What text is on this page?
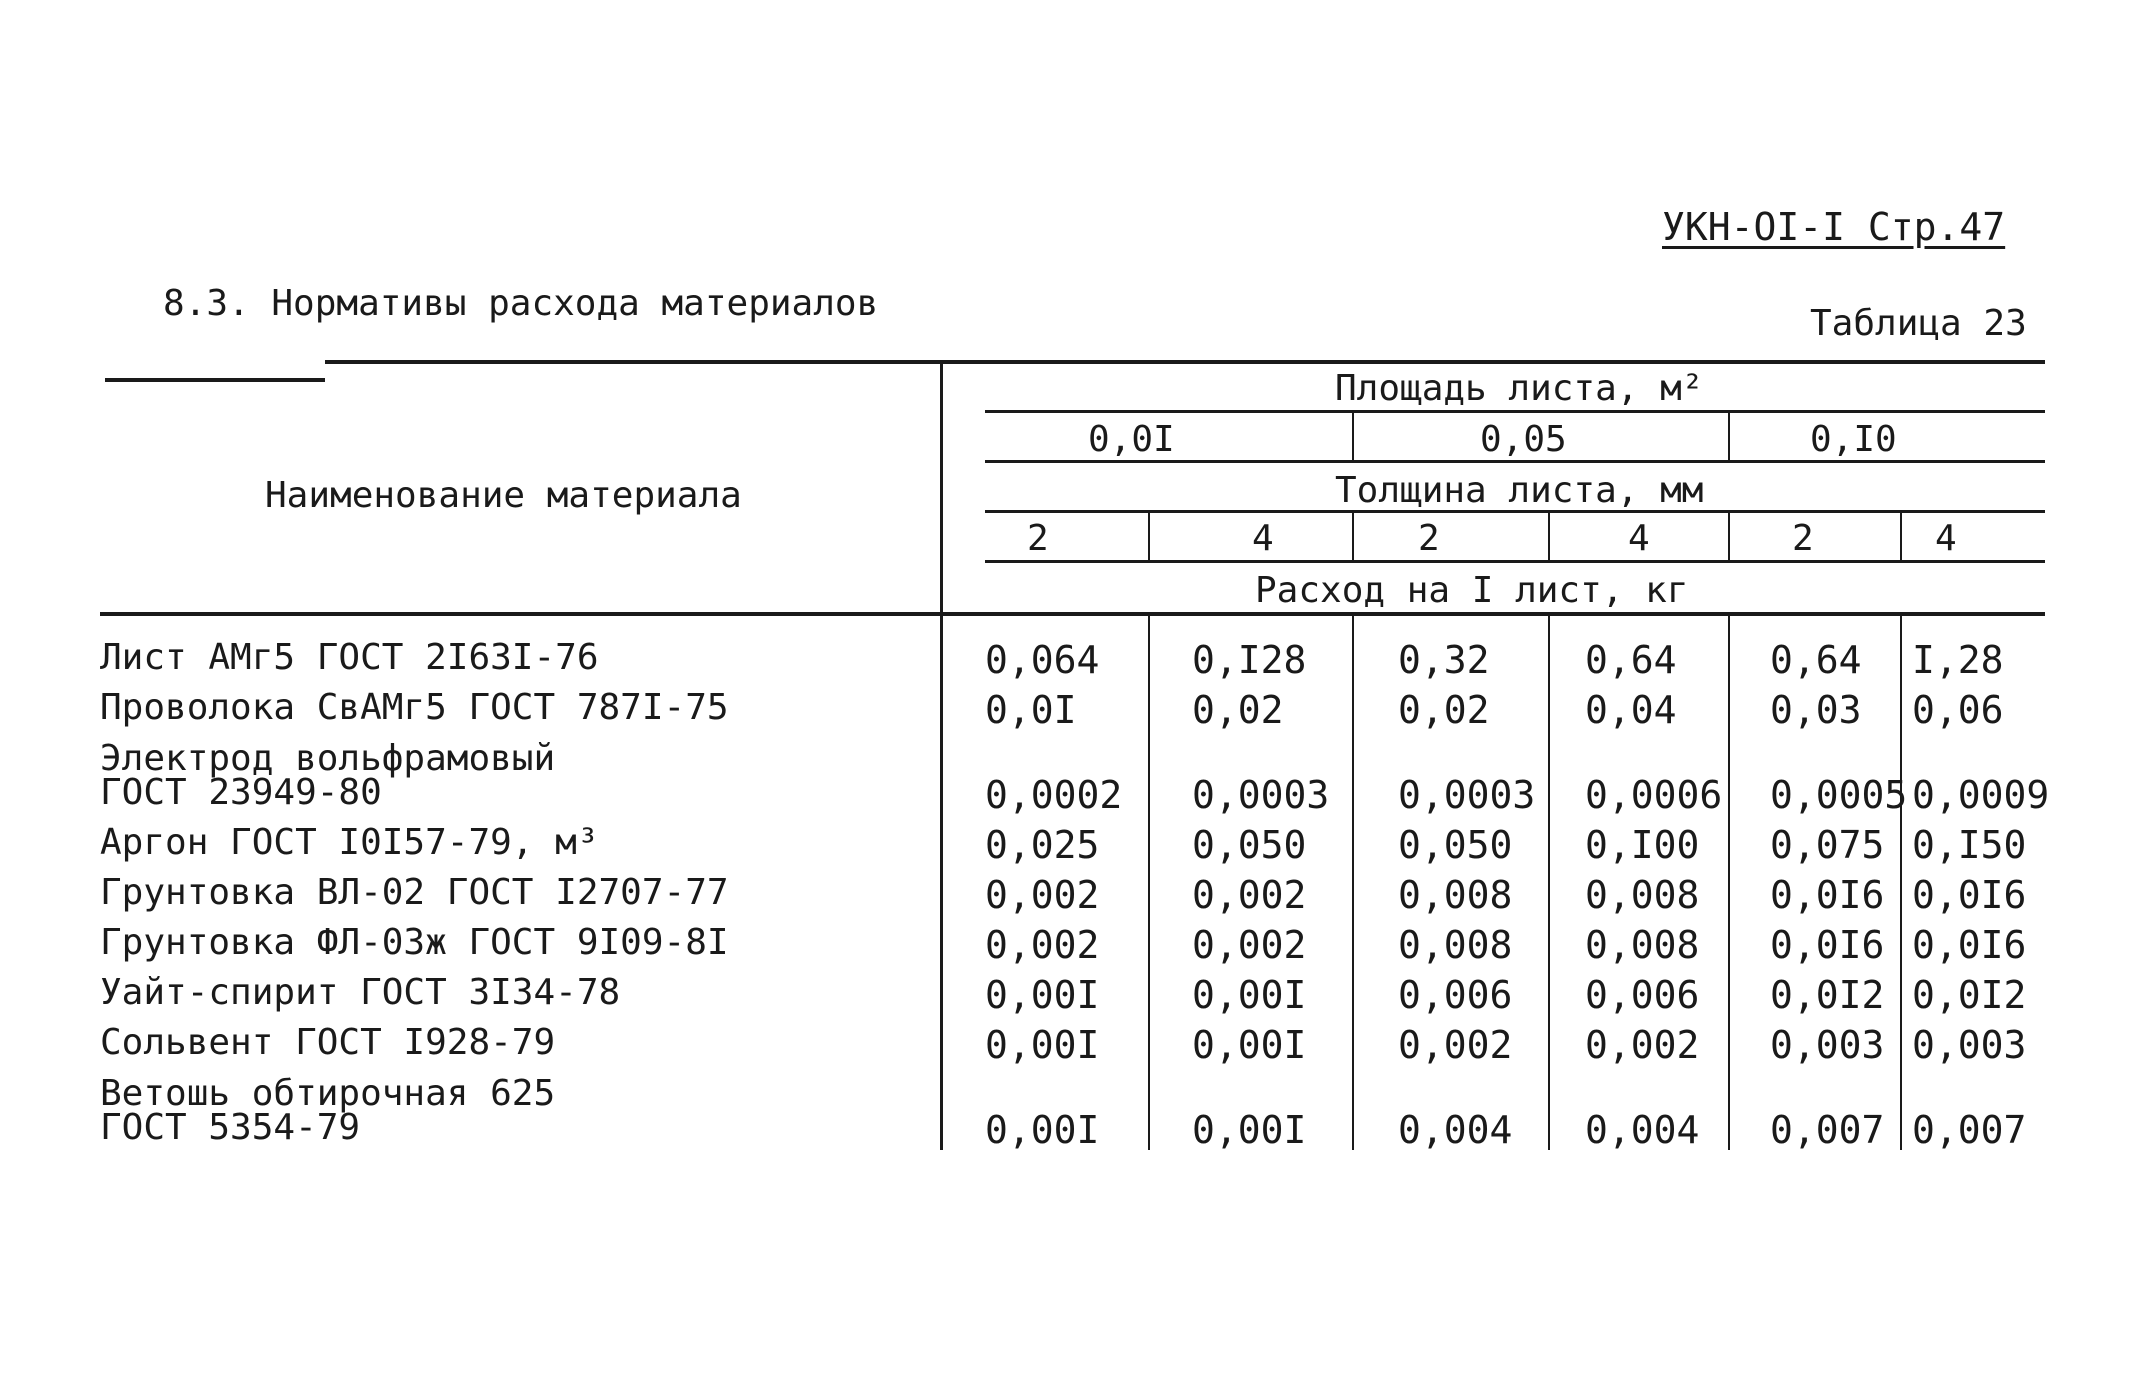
УКН-OI-I Стр.47
8.3. Нормативы расхода материалов	Таблица 23
Наименование материала
Площадь листа, м²
0,0I	0,05	0,I0
Толщина листа, мм
2	4	2	4	2	4
Расход на I лист, кг
Лист АМг5 ГОСТ 2I63I-76	0,064 0,I28 0,32	0,64 0,64 I,28
Проволока СвАМг5 ГОСТ 787I-75	0,0I	0,02	0,02	0,04 0,03 0,06
Электрод вольфрамовый
ГОСТ 23949-80	0,0002 0,0003 0,0003 0,0006 0,0005 0,0009
Аргон ГОСТ I0I57-79, м³	0,025 0,050 0,050 0,I00 0,075 0,I50
Грунтовка ВЛ-02 ГОСТ I2707-77	0,002 0,002 0,008 0,008 0,0I6 0,0I6
Грунтовка ФЛ-03ж ГОСТ 9I09-8I	0,002 0,002 0,008 0,008 0,0I6 0,0I6
Уайт-спирит ГОСТ 3I34-78	0,00I 0,00I 0,006 0,006 0,0I2 0,0I2
Сольвент ГОСТ I928-79	0,00I 0,00I 0,002 0,002 0,003 0,003
Ветошь обтирочная 625
ГОСТ 5354-79	0,00I 0,00I 0,004 0,004 0,007 0,007
